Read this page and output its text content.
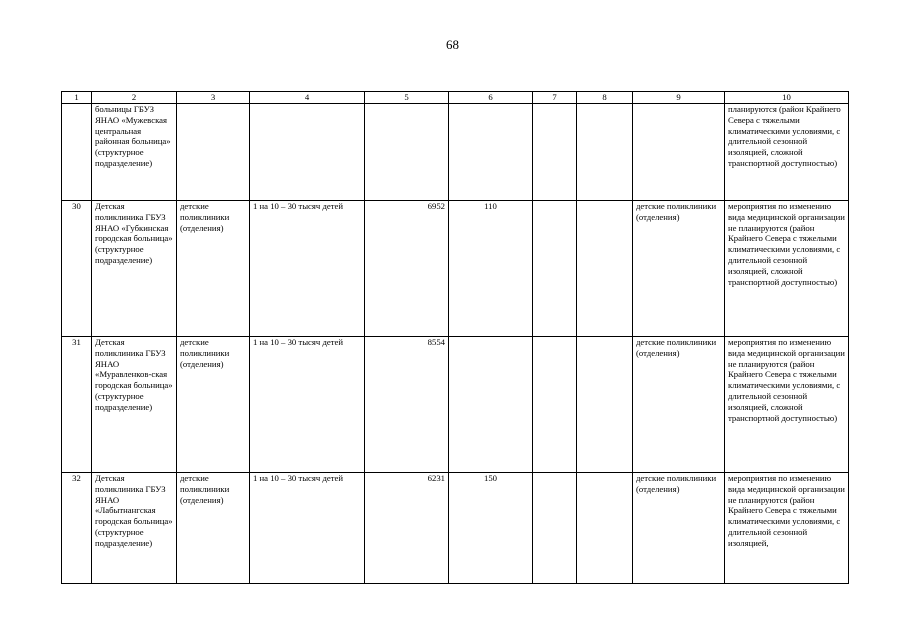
68
1	2	3	4	5	6	7	8	9	10
	больницы ГБУЗ ЯНАО «Мужевская центральная районная больница» (структурное подразделение)								планируются (район Крайнего Севера с тяжелыми климатическими условиями, с длительной сезонной изоляцией, сложной транспортной доступностью)
30	Детская поликлиника ГБУЗ ЯНАО «Губкинская городская больница» (структурное подразделение)	детские поликлиники (отделения)	1 на 10 – 30 тысяч детей	6952	110			детские поликлиники (отделения)	мероприятия по изменению вида медицинской организации не планируются (район Крайнего Севера с тяжелыми климатическими условиями, с длительной сезонной изоляцией, сложной транспортной доступностью)
31	Детская поликлиника ГБУЗ ЯНАО «Муравленков-ская городская больница» (структурное подразделение)	детские поликлиники (отделения)	1 на 10 – 30 тысяч детей	8554				детские поликлиники (отделения)	мероприятия по изменению вида медицинской организации не планируются (район Крайнего Севера с тяжелыми климатическими условиями, с длительной сезонной изоляцией, сложной транспортной доступностью)
32	Детская поликлиника ГБУЗ ЯНАО «Лабытнангская городская больница» (структурное подразделение)	детские поликлиники (отделения)	1 на 10 – 30 тысяч детей	6231	150			детские поликлиники (отделения)	мероприятия по изменению вида медицинской организации не планируются (район Крайнего Севера с тяжелыми климатическими условиями, с длительной сезонной изоляцией,
